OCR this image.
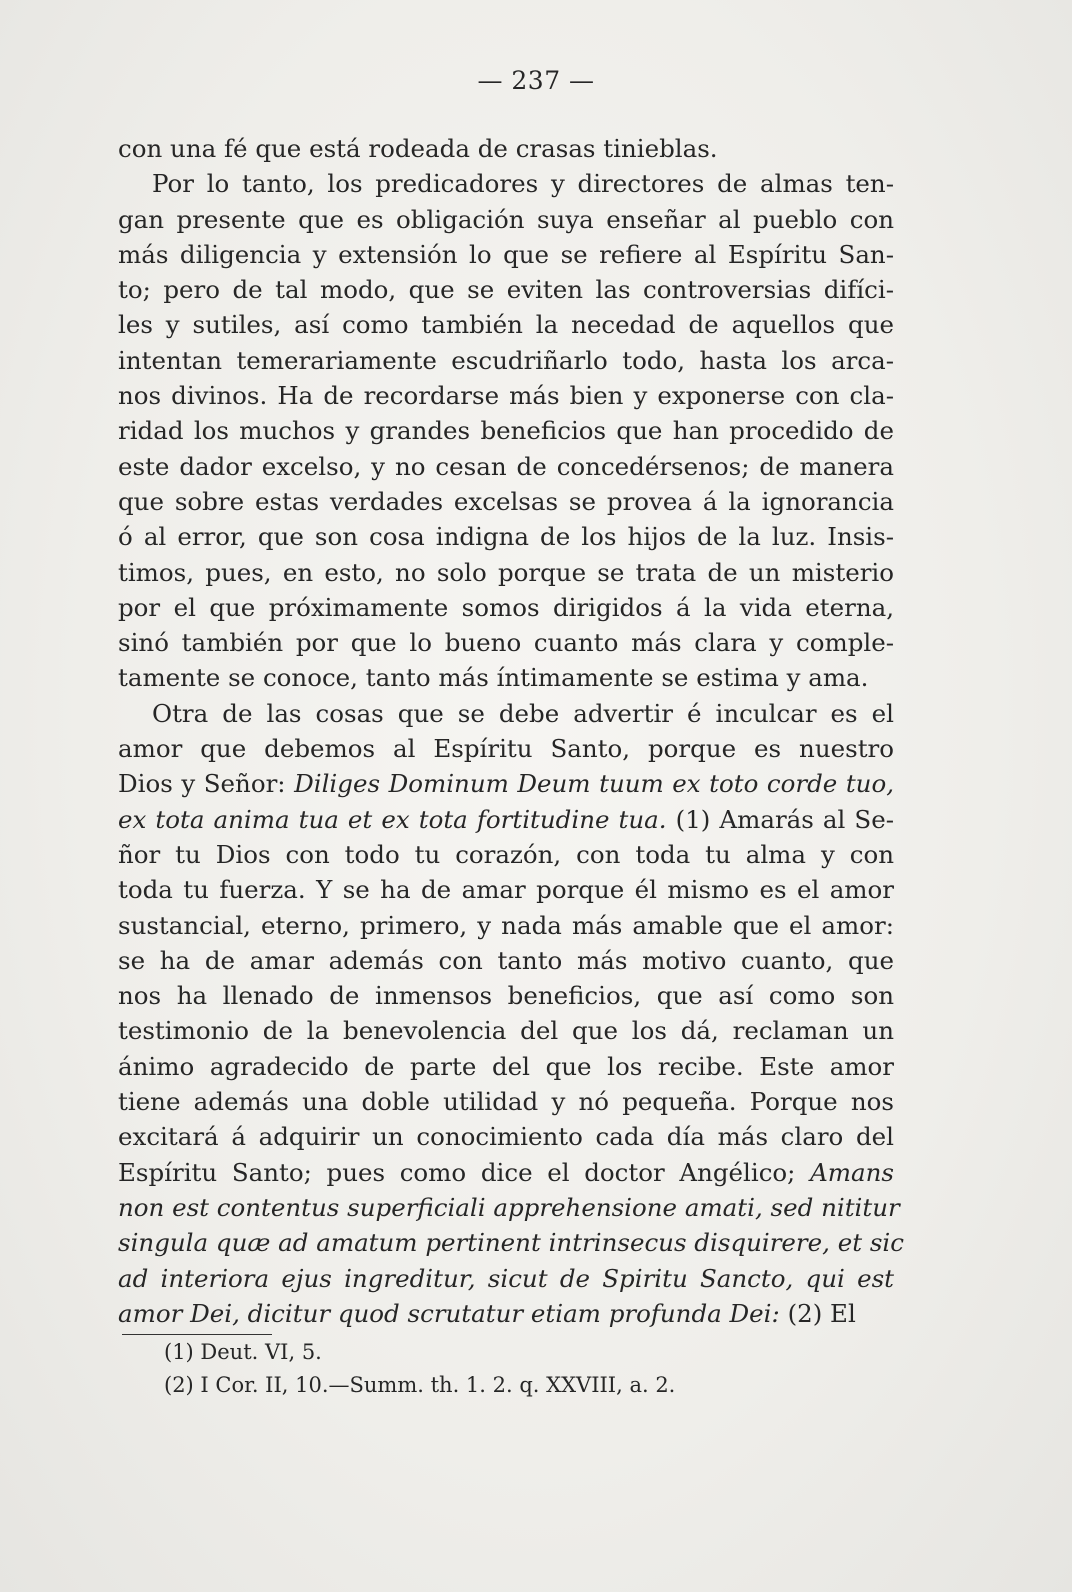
— 237 —
con una fé que está rodeada de crasas tinieblas.
Por lo tanto, los predicadores y directores de almas ten-
gan presente que es obligación suya enseñar al pueblo con
más diligencia y extensión lo que se refiere al Espíritu San-
to; pero de tal modo, que se eviten las controversias difíci-
les y sutiles, así como también la necedad de aquellos que
intentan temerariamente escudriñarlo todo, hasta los arca-
nos divinos. Ha de recordarse más bien y exponerse con cla-
ridad los muchos y grandes beneficios que han procedido de
este dador excelso, y no cesan de concedérsenos; de manera
que sobre estas verdades excelsas se provea á la ignorancia
ó al error, que son cosa indigna de los hijos de la luz. Insis-
timos, pues, en esto, no solo porque se trata de un misterio
por el que próximamente somos dirigidos á la vida eterna,
sinó también por que lo bueno cuanto más clara y comple-
tamente se conoce, tanto más íntimamente se estima y ama.
Otra de las cosas que se debe advertir é inculcar es el
amor que debemos al Espíritu Santo, porque es nuestro
Dios y Señor: Diliges Dominum Deum tuum ex toto corde tuo,
ex tota anima tua et ex tota fortitudine tua. (1) Amarás al Se-
ñor tu Dios con todo tu corazón, con toda tu alma y con
toda tu fuerza. Y se ha de amar porque él mismo es el amor
sustancial, eterno, primero, y nada más amable que el amor:
se ha de amar además con tanto más motivo cuanto, que
nos ha llenado de inmensos beneficios, que así como son
testimonio de la benevolencia del que los dá, reclaman un
ánimo agradecido de parte del que los recibe. Este amor
tiene además una doble utilidad y nó pequeña. Porque nos
excitará á adquirir un conocimiento cada día más claro del
Espíritu Santo; pues como dice el doctor Angélico; Amans
non est contentus superficiali apprehensione amati, sed nititur
singula quæ ad amatum pertinent intrinsecus disquirere, et sic
ad interiora ejus ingreditur, sicut de Spiritu Sancto, qui est
amor Dei, dicitur quod scrutatur etiam profunda Dei: (2) El
(1) Deut. VI, 5.
(2) I Cor. II, 10.—Summ. th. 1. 2. q. XXVIII, a. 2.
